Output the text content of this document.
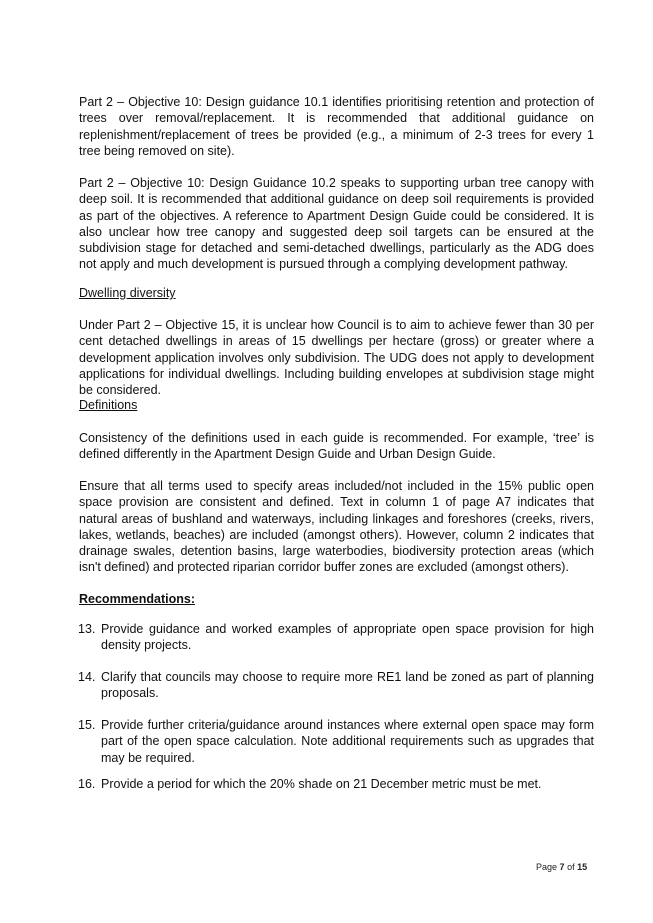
Part 2 – Objective 10: Design guidance 10.1 identifies prioritising retention and protection of trees over removal/replacement. It is recommended that additional guidance on replenishment/replacement of trees be provided (e.g., a minimum of 2-3 trees for every 1 tree being removed on site).
Part 2 – Objective 10: Design Guidance 10.2 speaks to supporting urban tree canopy with deep soil. It is recommended that additional guidance on deep soil requirements is provided as part of the objectives. A reference to Apartment Design Guide could be considered. It is also unclear how tree canopy and suggested deep soil targets can be ensured at the subdivision stage for detached and semi-detached dwellings, particularly as the ADG does not apply and much development is pursued through a complying development pathway.
Dwelling diversity
Under Part 2 – Objective 15, it is unclear how Council is to aim to achieve fewer than 30 per cent detached dwellings in areas of 15 dwellings per hectare (gross) or greater where a development application involves only subdivision. The UDG does not apply to development applications for individual dwellings. Including building envelopes at subdivision stage might be considered.
Definitions
Consistency of the definitions used in each guide is recommended. For example, ‘tree’ is defined differently in the Apartment Design Guide and Urban Design Guide.
Ensure that all terms used to specify areas included/not included in the 15% public open space provision are consistent and defined. Text in column 1 of page A7 indicates that natural areas of bushland and waterways, including linkages and foreshores (creeks, rivers, lakes, wetlands, beaches) are included (amongst others). However, column 2 indicates that drainage swales, detention basins, large waterbodies, biodiversity protection areas (which isn't defined) and protected riparian corridor buffer zones are excluded (amongst others).
Recommendations:
13. Provide guidance and worked examples of appropriate open space provision for high density projects.
14. Clarify that councils may choose to require more RE1 land be zoned as part of planning proposals.
15. Provide further criteria/guidance around instances where external open space may form part of the open space calculation. Note additional requirements such as upgrades that may be required.
16. Provide a period for which the 20% shade on 21 December metric must be met.
Page 7 of 15
